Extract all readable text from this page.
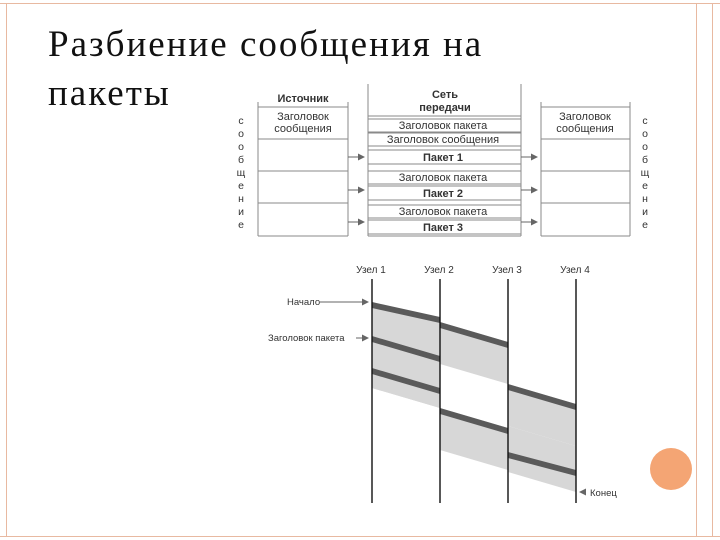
Разбиение сообщения на
пакеты	Источник
Заголовок
сообщения
с
о
о
б
щ
е
н
и
е
Сеть
передачи
Заголовок пакета
Заголовок сообщения
Пакет 1
Заголовок пакета
Пакет 2
Заголовок пакета
Пакет 3
Заголовок
сообщения
с
о
о
б
щ
е
н
и
е
Узел 1	Узел 2	Узел 3	Узел 4
Начало
Заголовок пакета
Конец
